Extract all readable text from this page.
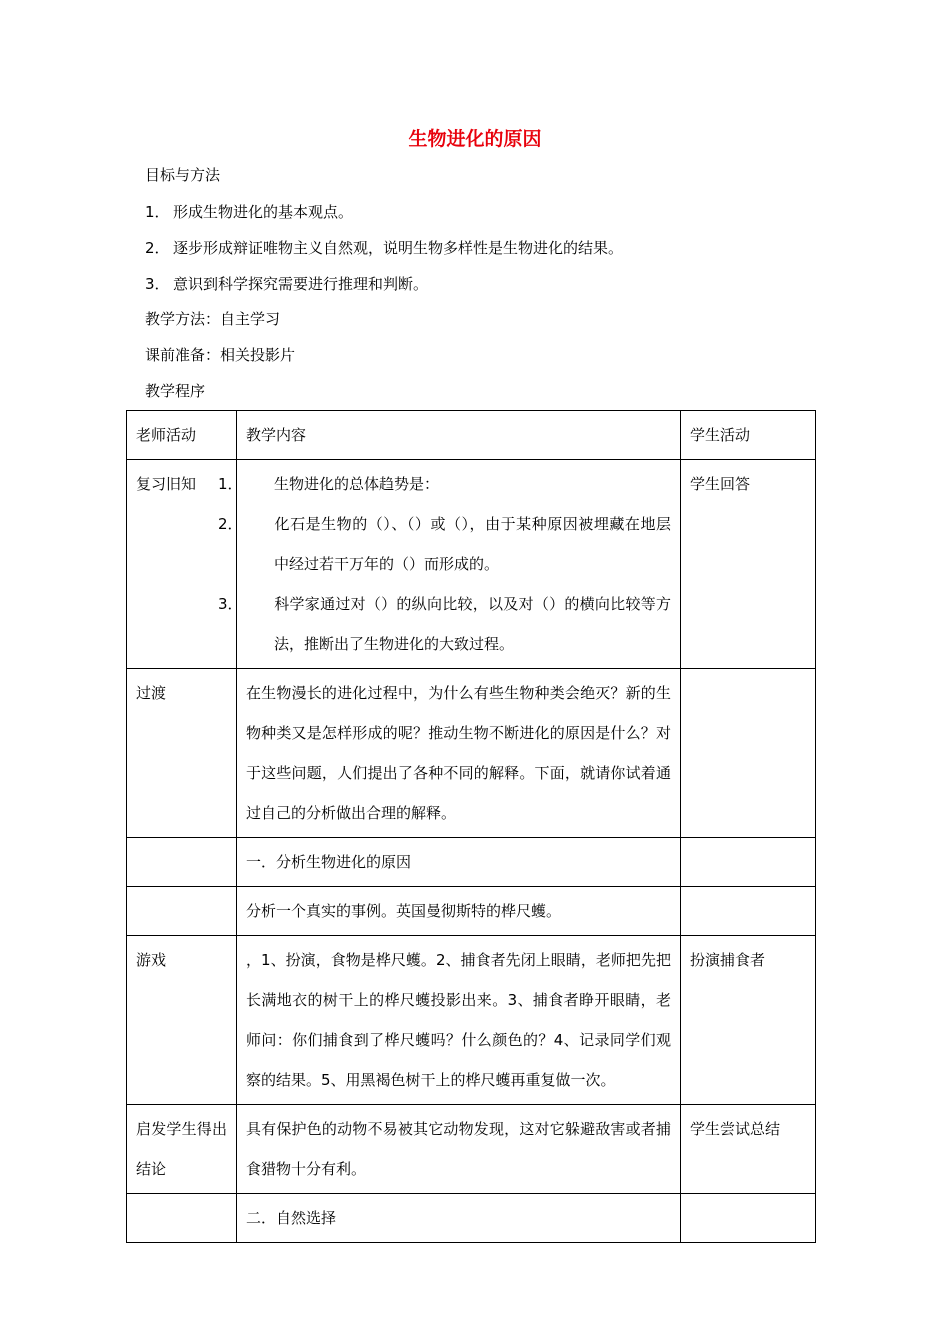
生物进化的原因
目标与方法
1． 形成生物进化的基本观点。
2． 逐步形成辩证唯物主义自然观，说明生物多样性是生物进化的结果。
3． 意识到科学探究需要进行推理和判断。
教学方法：自主学习
课前准备：相关投影片
教学程序
老师活动	教学内容	学生活动
复习旧知	1． 生物进化的总体趋势是：
2． 化石是生物的（）、（）或（），由于某种原因被埋藏在地层中经过若干万年的（）而形成的。
3． 科学家通过对（）的纵向比较，以及对（）的横向比较等方法，推断出了生物进化的大致过程。	学生回答
过渡	在生物漫长的进化过程中，为什么有些生物种类会绝灭？新的生物种类又是怎样形成的呢？推动生物不断进化的原因是什么？对于这些问题，人们提出了各种不同的解释。下面，就请你试着通过自己的分析做出合理的解释。	
	一．分析生物进化的原因	
	分析一个真实的事例。英国曼彻斯特的桦尺蠖。	
游戏	，1、扮演，食物是桦尺蠖。2、捕食者先闭上眼睛，老师把先把长满地衣的树干上的桦尺蠖投影出来。3、捕食者睁开眼睛，老师问：你们捕食到了桦尺蠖吗？什么颜色的？4、记录同学们观察的结果。5、用黑褐色树干上的桦尺蠖再重复做一次。	扮演捕食者
启发学生得出结论	具有保护色的动物不易被其它动物发现，这对它躲避敌害或者捕食猎物十分有利。	学生尝试总结
	二．自然选择	
